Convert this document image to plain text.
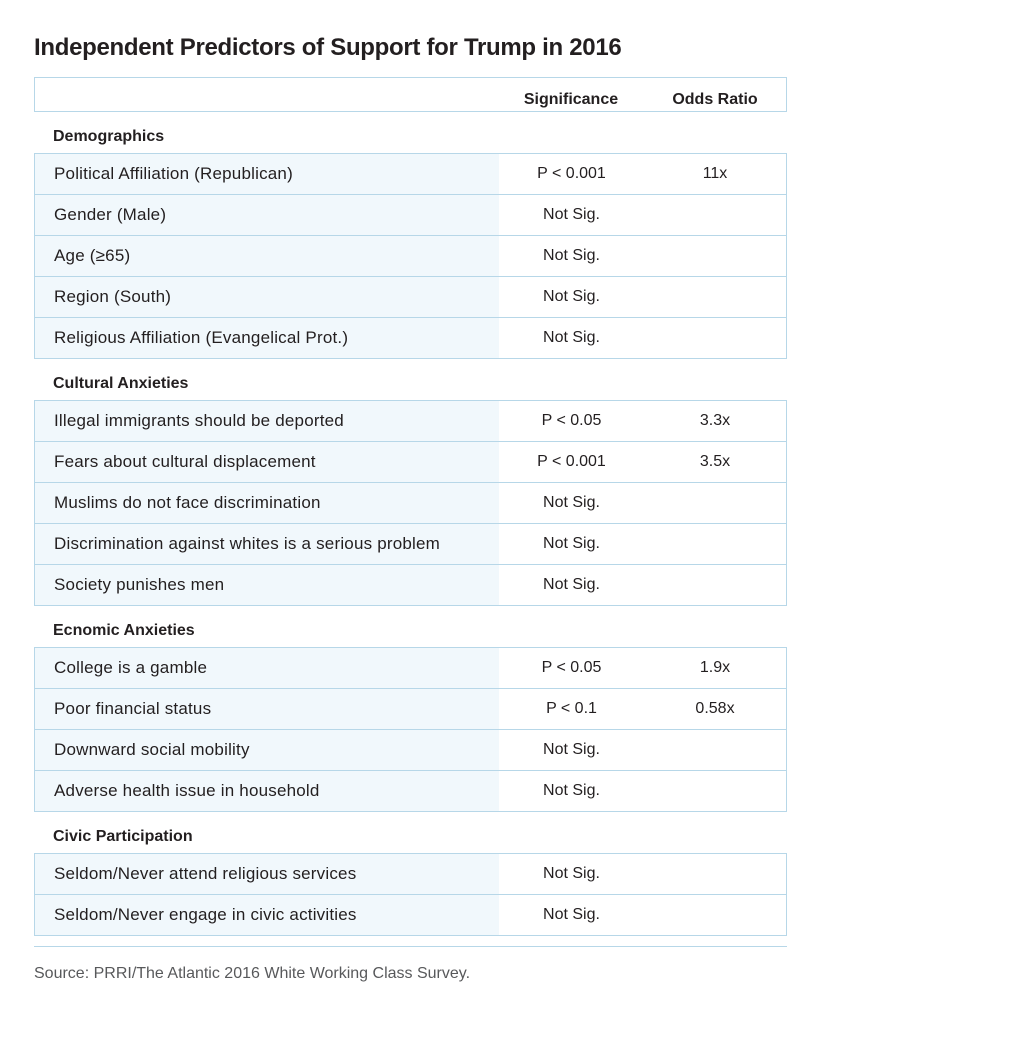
Independent Predictors of Support for Trump in 2016
Significance	Odds Ratio
Demographics
Political Affiliation (Republican)	P < 0.001	11x
Gender (Male)	Not Sig.
Age (≥65)	Not Sig.
Region (South)	Not Sig.
Religious Affiliation (Evangelical Prot.)	Not Sig.
Cultural Anxieties
Illegal immigrants should be deported	P < 0.05	3.3x
Fears about cultural displacement	P < 0.001	3.5x
Muslims do not face discrimination	Not Sig.
Discrimination against whites is a serious problem	Not Sig.
Society punishes men	Not Sig.
Ecnomic Anxieties
College is a gamble	P < 0.05	1.9x
Poor financial status	P < 0.1	0.58x
Downward social mobility	Not Sig.
Adverse health issue in household	Not Sig.
Civic Participation
Seldom/Never attend religious services	Not Sig.
Seldom/Never engage in civic activities	Not Sig.
Source: PRRI/The Atlantic 2016 White Working Class Survey.
